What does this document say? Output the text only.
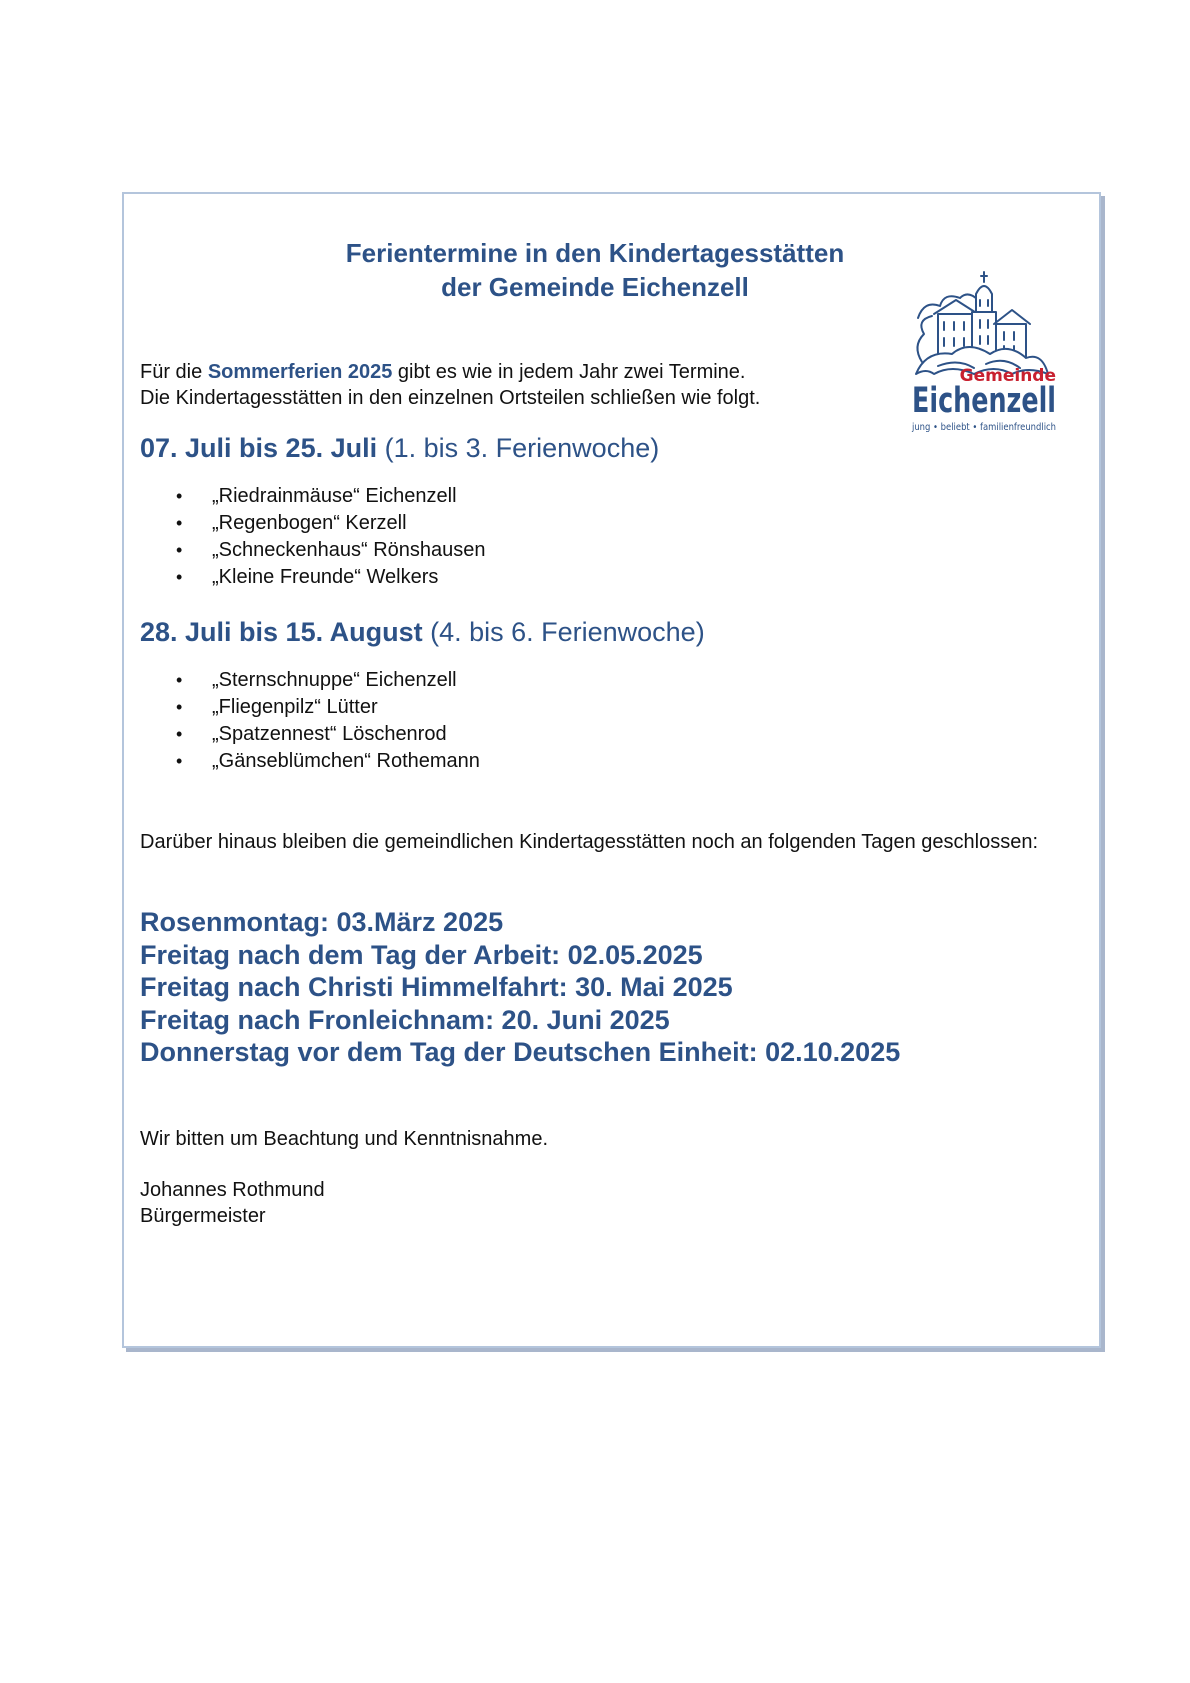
Ferientermine in den Kindertagesstätten
der Gemeinde Eichenzell
Gemeinde
Eichenzell
jung • beliebt • familienfreundlich
Für die Sommerferien 2025 gibt es wie in jedem Jahr zwei Termine.
Die Kindertagesstätten in den einzelnen Ortsteilen schließen wie folgt.
07. Juli bis 25. Juli (1. bis 3. Ferienwoche)
• „Riedrainmäuse“ Eichenzell
• „Regenbogen“ Kerzell
• „Schneckenhaus“ Rönshausen
• „Kleine Freunde“ Welkers
28. Juli bis 15. August (4. bis 6. Ferienwoche)
• „Sternschnuppe“ Eichenzell
• „Fliegenpilz“ Lütter
• „Spatzennest“ Löschenrod
• „Gänseblümchen“ Rothemann
Darüber hinaus bleiben die gemeindlichen Kindertagesstätten noch an folgenden Tagen geschlossen:
Rosenmontag: 03.März 2025
Freitag nach dem Tag der Arbeit: 02.05.2025
Freitag nach Christi Himmelfahrt: 30. Mai 2025
Freitag nach Fronleichnam: 20. Juni 2025
Donnerstag vor dem Tag der Deutschen Einheit: 02.10.2025
Wir bitten um Beachtung und Kenntnisnahme.
Johannes Rothmund
Bürgermeister
